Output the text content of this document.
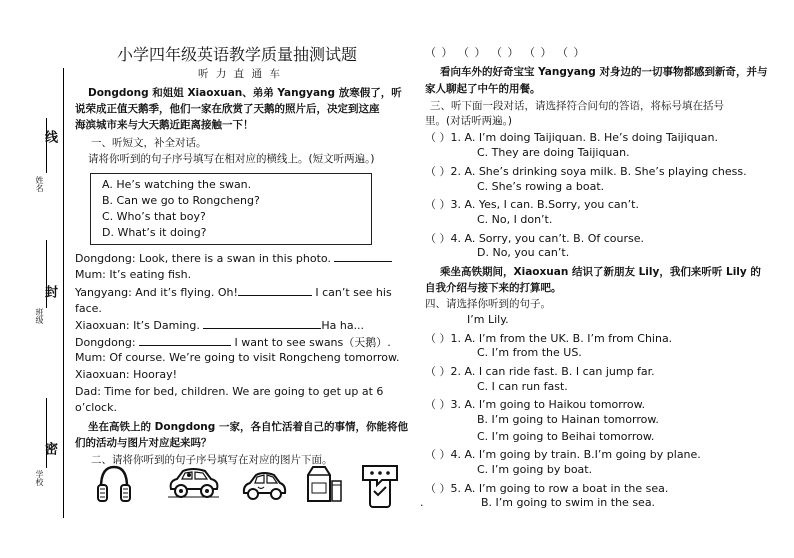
姓名
线
班级
封
学校
密
小学四年级英语教学质量抽测试题
听 力 直 通 车
Dongdong 和姐姐 Xiaoxuan、弟弟 Yangyang 放寒假了，听
说荣成正值天鹅季，他们一家在欣赏了天鹅的照片后，决定到这座
海滨城市来与大天鹅近距离接触一下！
一、听短文，补全对话。
请将你听到的句子序号填写在相对应的横线上。(短文听两遍。)
A. He’s watching the swan.
B. Can we go to Rongcheng?
C. Who’s that boy?
D. What’s it doing?
Dongdong: Look, there is a swan in this photo.
Mum: It’s eating fish.
Yangyang: And it’s flying. Oh!	I can’t see his
face.
Xiaoxuan: It’s Daming.	Ha ha...
Dongdong:	I want to see swans（天鹅）.
Mum: Of course. We’re going to visit Rongcheng tomorrow.
Xiaoxuan: Hooray!
Dad: Time for bed, children. We are going to get up at 6
o’clock.
坐在高铁上的 Dongdong 一家，各自忙活着自己的事情，你能将他
们的活动与图片对应起来吗？
二、请将你听到的句子序号填写在对应的图片下面。
（ ） （ ） （ ） （ ） （ ）
看向车外的好奇宝宝 Yangyang 对身边的一切事物都感到新奇，并与
家人聊起了中午的用餐。
三、听下面一段对话，请选择符合问句的答语，将标号填在括号
里。(对话听两遍。)
（ ）1. A. I’m doing Taijiquan. B. He’s doing Taijiquan.
C. They are doing Taijiquan.
（ ）2. A. She’s drinking soya milk. B. She’s playing chess.
C. She’s rowing a boat.
（ ）3. A. Yes, I can. B.Sorry, you can’t.
C. No, I don’t.
（ ）4. A. Sorry, you can’t. B. Of course.
D. No, you can’t.
乘坐高铁期间，Xiaoxuan 结识了新朋友 Lily，我们来听听 Lily 的
自我介绍与接下来的打算吧。
四、请选择你听到的句子。
I’m Lily.
（ ）1. A. I’m from the UK. B. I’m from China.
C. I’m from the US.
（ ）2. A. I can ride fast. B. I can jump far.
C. I can run fast.
（ ）3. A. I’m going to Haikou tomorrow.
B. I’m going to Hainan tomorrow.
C. I’m going to Beihai tomorrow.
（ ）4. A. I’m going by train. B.I’m going by plane.
C. I’m going by boat.
（ ）5. A. I’m going to row a boat in the sea.
.	B. I’m going to swim in the sea.
